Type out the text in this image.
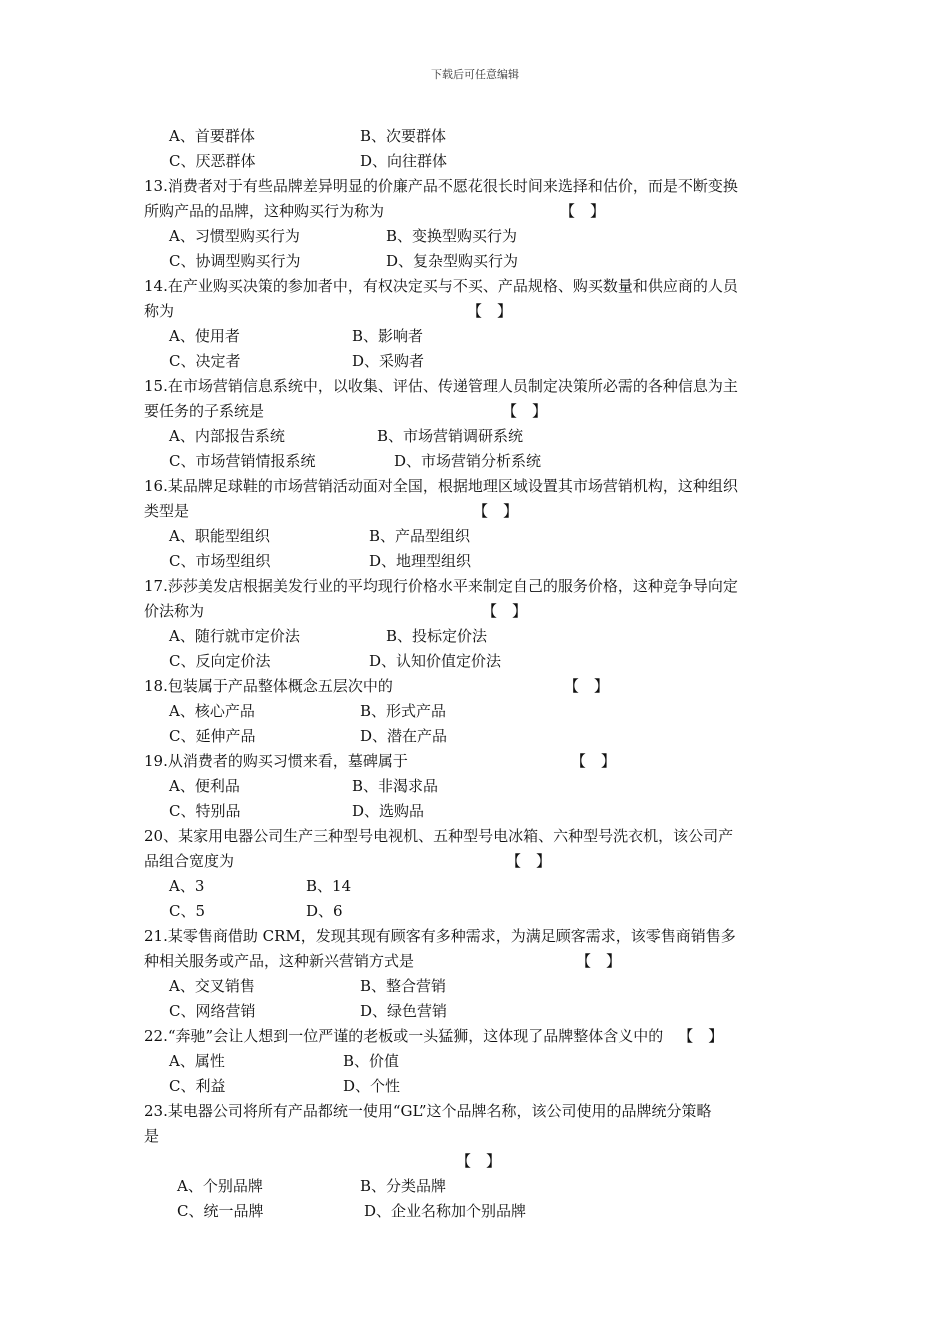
下载后可任意编辑
A、首要群体	B、次要群体
C、厌恶群体	D、向往群体
13.消费者对于有些品牌差异明显的价廉产品不愿花很长时间来选择和估价，而是不断变换
所购产品的品牌，这种购买行为称为	【　】
A、习惯型购买行为	B、变换型购买行为
C、协调型购买行为	D、复杂型购买行为
14.在产业购买决策的参加者中，有权决定买与不买、产品规格、购买数量和供应商的人员
称为	【　】
A、使用者	B、影响者
C、决定者	D、采购者
15.在市场营销信息系统中，以收集、评估、传递管理人员制定决策所必需的各种信息为主
要任务的子系统是	【　】
A、内部报告系统	B、市场营销调研系统
C、市场营销情报系统	D、市场营销分析系统
16.某品牌足球鞋的市场营销活动面对全国，根据地理区域设置其市场营销机构，这种组织
类型是	【　】
A、职能型组织	B、产品型组织
C、市场型组织	D、地理型组织
17.莎莎美发店根据美发行业的平均现行价格水平来制定自己的服务价格，这种竞争导向定
价法称为	【　】
A、随行就市定价法	B、投标定价法
C、反向定价法	D、认知价值定价法
18.包装属于产品整体概念五层次中的	【　】
A、核心产品	B、形式产品
C、延伸产品	D、潜在产品
19.从消费者的购买习惯来看，墓碑属于	【　】
A、便利品	B、非渴求品
C、特别品	D、选购品
20、某家用电器公司生产三种型号电视机、五种型号电冰箱、六种型号洗衣机，该公司产
品组合宽度为	【　】
A、3	B、14
C、5	D、6
21.某零售商借助 CRM，发现其现有顾客有多种需求，为满足顾客需求，该零售商销售多
种相关服务或产品，这种新兴营销方式是	【　】
A、交叉销售	B、整合营销
C、网络营销	D、绿色营销
22.“奔驰”会让人想到一位严谨的老板或一头猛狮，这体现了品牌整体含义中的 【　】
A、属性	B、价值
C、利益	D、个性
23.某电器公司将所有产品都统一使用“GL”这个品牌名称，该公司使用的品牌统分策略
是
【　】
A、个别品牌	B、分类品牌
C、统一品牌	D、企业名称加个别品牌
